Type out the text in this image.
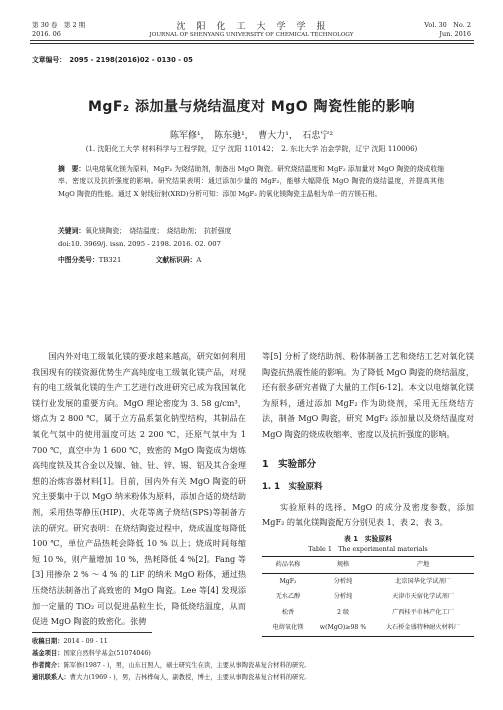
第 30 卷　第 2 期
2016. 06
沈　阳　化　工　大　学　学　报
JOURNAL OF SHENYANG UNIVERSITY OF CHEMICAL TECHNOLOGY
Vol. 30　No. 2
Jun. 2016
文章编号：　2095 - 2198(2016)02 - 0130 - 05
MgF₂ 添加量与烧结温度对 MgO 陶瓷性能的影响
陈军修¹，　陈东驰¹，　曹大力¹，　石忠宁²
(1. 沈阳化工大学 材料科学与工程学院，辽宁 沈阳 110142；　2. 东北大学 冶金学院，辽宁 沈阳 110006)
摘　要：以电熔氧化镁为原料，MgF₂ 为烧结助剂，制备出 MgO 陶瓷。研究烧结温度和 MgF₂ 添加量对 MgO 陶瓷的烧成收缩率、密度以及抗折强度的影响。研究结果表明：通过添加少量的 MgF₂，能够大幅降低 MgO 陶瓷的烧结温度，并提高其他 MgO 陶瓷的性能。通过 X 射线衍射(XRD)分析可知：添加 MgF₂ 的氧化镁陶瓷主晶相为单一的方镁石相。
关键词：氧化镁陶瓷；　烧结温度；　烧结助剂；　抗折强度
doi:10. 3969/j. issn. 2095 - 2198. 2016. 02. 007
中图分类号：TB321	文献标识码：A
　　国内外对电工级氧化镁的要求越来越高，研究如何利用我国现有的镁资源优势生产高纯度电工级氧化镁产品，对现有的电工级氧化镁的生产工艺进行改进研究已成为我国氧化镁行业发展的重要方向。MgO 理论密度为 3. 58 g/cm³，熔点为 2 800 ℃，属于立方晶系氯化钠型结构，其制品在氧化气氛中的使用温度可达 2 200 ℃，还原气氛中为 1 700 ℃，真空中为 1 600 ℃，致密的 MgO 陶瓷成为熔炼高纯度铁及其合金以及镍、铀、钍、锌、锡、铝及其合金理想的冶炼容器材料[1]。目前，国内外有关 MgO 陶瓷的研究主要集中于以 MgO 纳米粉体为原料，添加合适的烧结助剂，采用热等静压(HIP)、火花等离子烧结(SPS)等制备方法的研究。研究表明：在烧结陶瓷过程中，烧成温度每降低 100 ℃，单位产品热耗会降低 10 % 以上；烧成时间每缩短 10 %，则产量增加 10 %，热耗降低 4 %[2]。Fang 等[3] 用掺杂 2 % ～ 4 % 的 LiF 的纳米 MgO 粉体，通过热压烧结法制备出了高致密的 MgO 陶瓷。Lee 等[4] 发现添加一定量的 TiO₂ 可以促进晶粒生长，降低烧结温度，从而促进 MgO 陶瓷的致密化。张骋
等[5] 分析了烧结助剂、粉体制备工艺和烧结工艺对氧化镁陶瓷抗热震性能的影响。为了降低 MgO 陶瓷的烧结温度，还有很多研究者做了大量的工作[6-12]。本文以电熔氧化镁为原料，通过添加 MgF₂ 作为助烧剂，采用无压烧结方法，制备 MgO 陶瓷，研究 MgF₂ 添加量以及烧结温度对 MgO 陶瓷的烧成收缩率、密度以及抗折强度的影响。
1　实验部分
1. 1　实验原料
　　实验原料的选择、MgO 的成分及密度参数，添加 MgF₂ 的氧化镁陶瓷配方分别见表 1、表 2、表 3。
表 1　实验原料
Table 1　The experimental materials
药品名称	规格	产地
MgF₂	分析纯	北京国华化学试剂厂
无水乙醇	分析纯	天津市天宿化学试剂厂
松香	2 级	广西桂平市林产化工厂
电熔氧化镁	w(MgO)≥98 %	大石桥金盛特种耐火材料厂
收稿日期：2014 - 09 - 11
基金项目：国家自然科学基金(51074046)
作者简介：陈军修(1987 - )，男，山东日照人，硕士研究生在读，主要从事陶瓷基复合材料的研究.
通讯联系人：曹大力(1969 - )，男，吉林桦甸人，副教授，博士，主要从事陶瓷基复合材料的研究.
